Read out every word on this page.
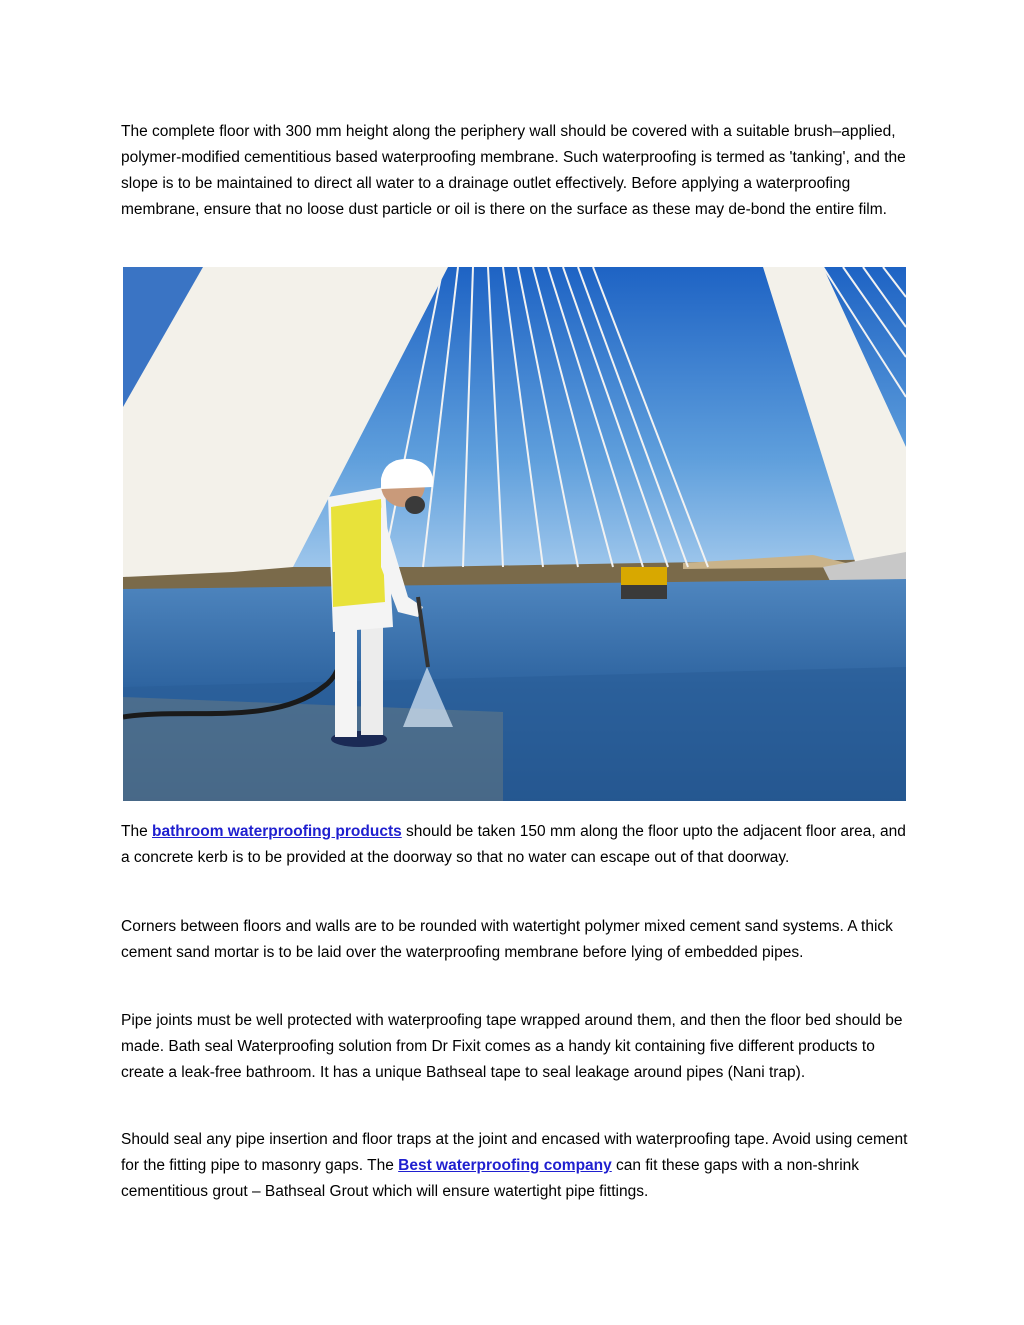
The complete floor with 300 mm height along the periphery wall should be covered with a suitable brush–applied, polymer-modified cementitious based waterproofing membrane. Such waterproofing is termed as 'tanking', and the slope is to be maintained to direct all water to a drainage outlet effectively. Before applying a waterproofing membrane, ensure that no loose dust particle or oil is there on the surface as these may de-bond the entire film.

The bathroom waterproofing products should be taken 150 mm along the floor upto the adjacent floor area, and a concrete kerb is to be provided at the doorway so that no water can escape out of that doorway.

Corners between floors and walls are to be rounded with watertight polymer mixed cement sand systems. A thick cement sand mortar is to be laid over the waterproofing membrane before lying of embedded pipes.

Pipe joints must be well protected with waterproofing tape wrapped around them, and then the floor bed should be made. Bath seal Waterproofing solution from Dr Fixit comes as a handy kit containing five different products to create a leak-free bathroom. It has a unique Bathseal tape to seal leakage around pipes (Nani trap).

Should seal any pipe insertion and floor traps at the joint and encased with waterproofing tape. Avoid using cement for the fitting pipe to masonry gaps. The Best waterproofing company can fit these gaps with a non-shrink cementitious grout – Bathseal Grout which will ensure watertight pipe fittings.
